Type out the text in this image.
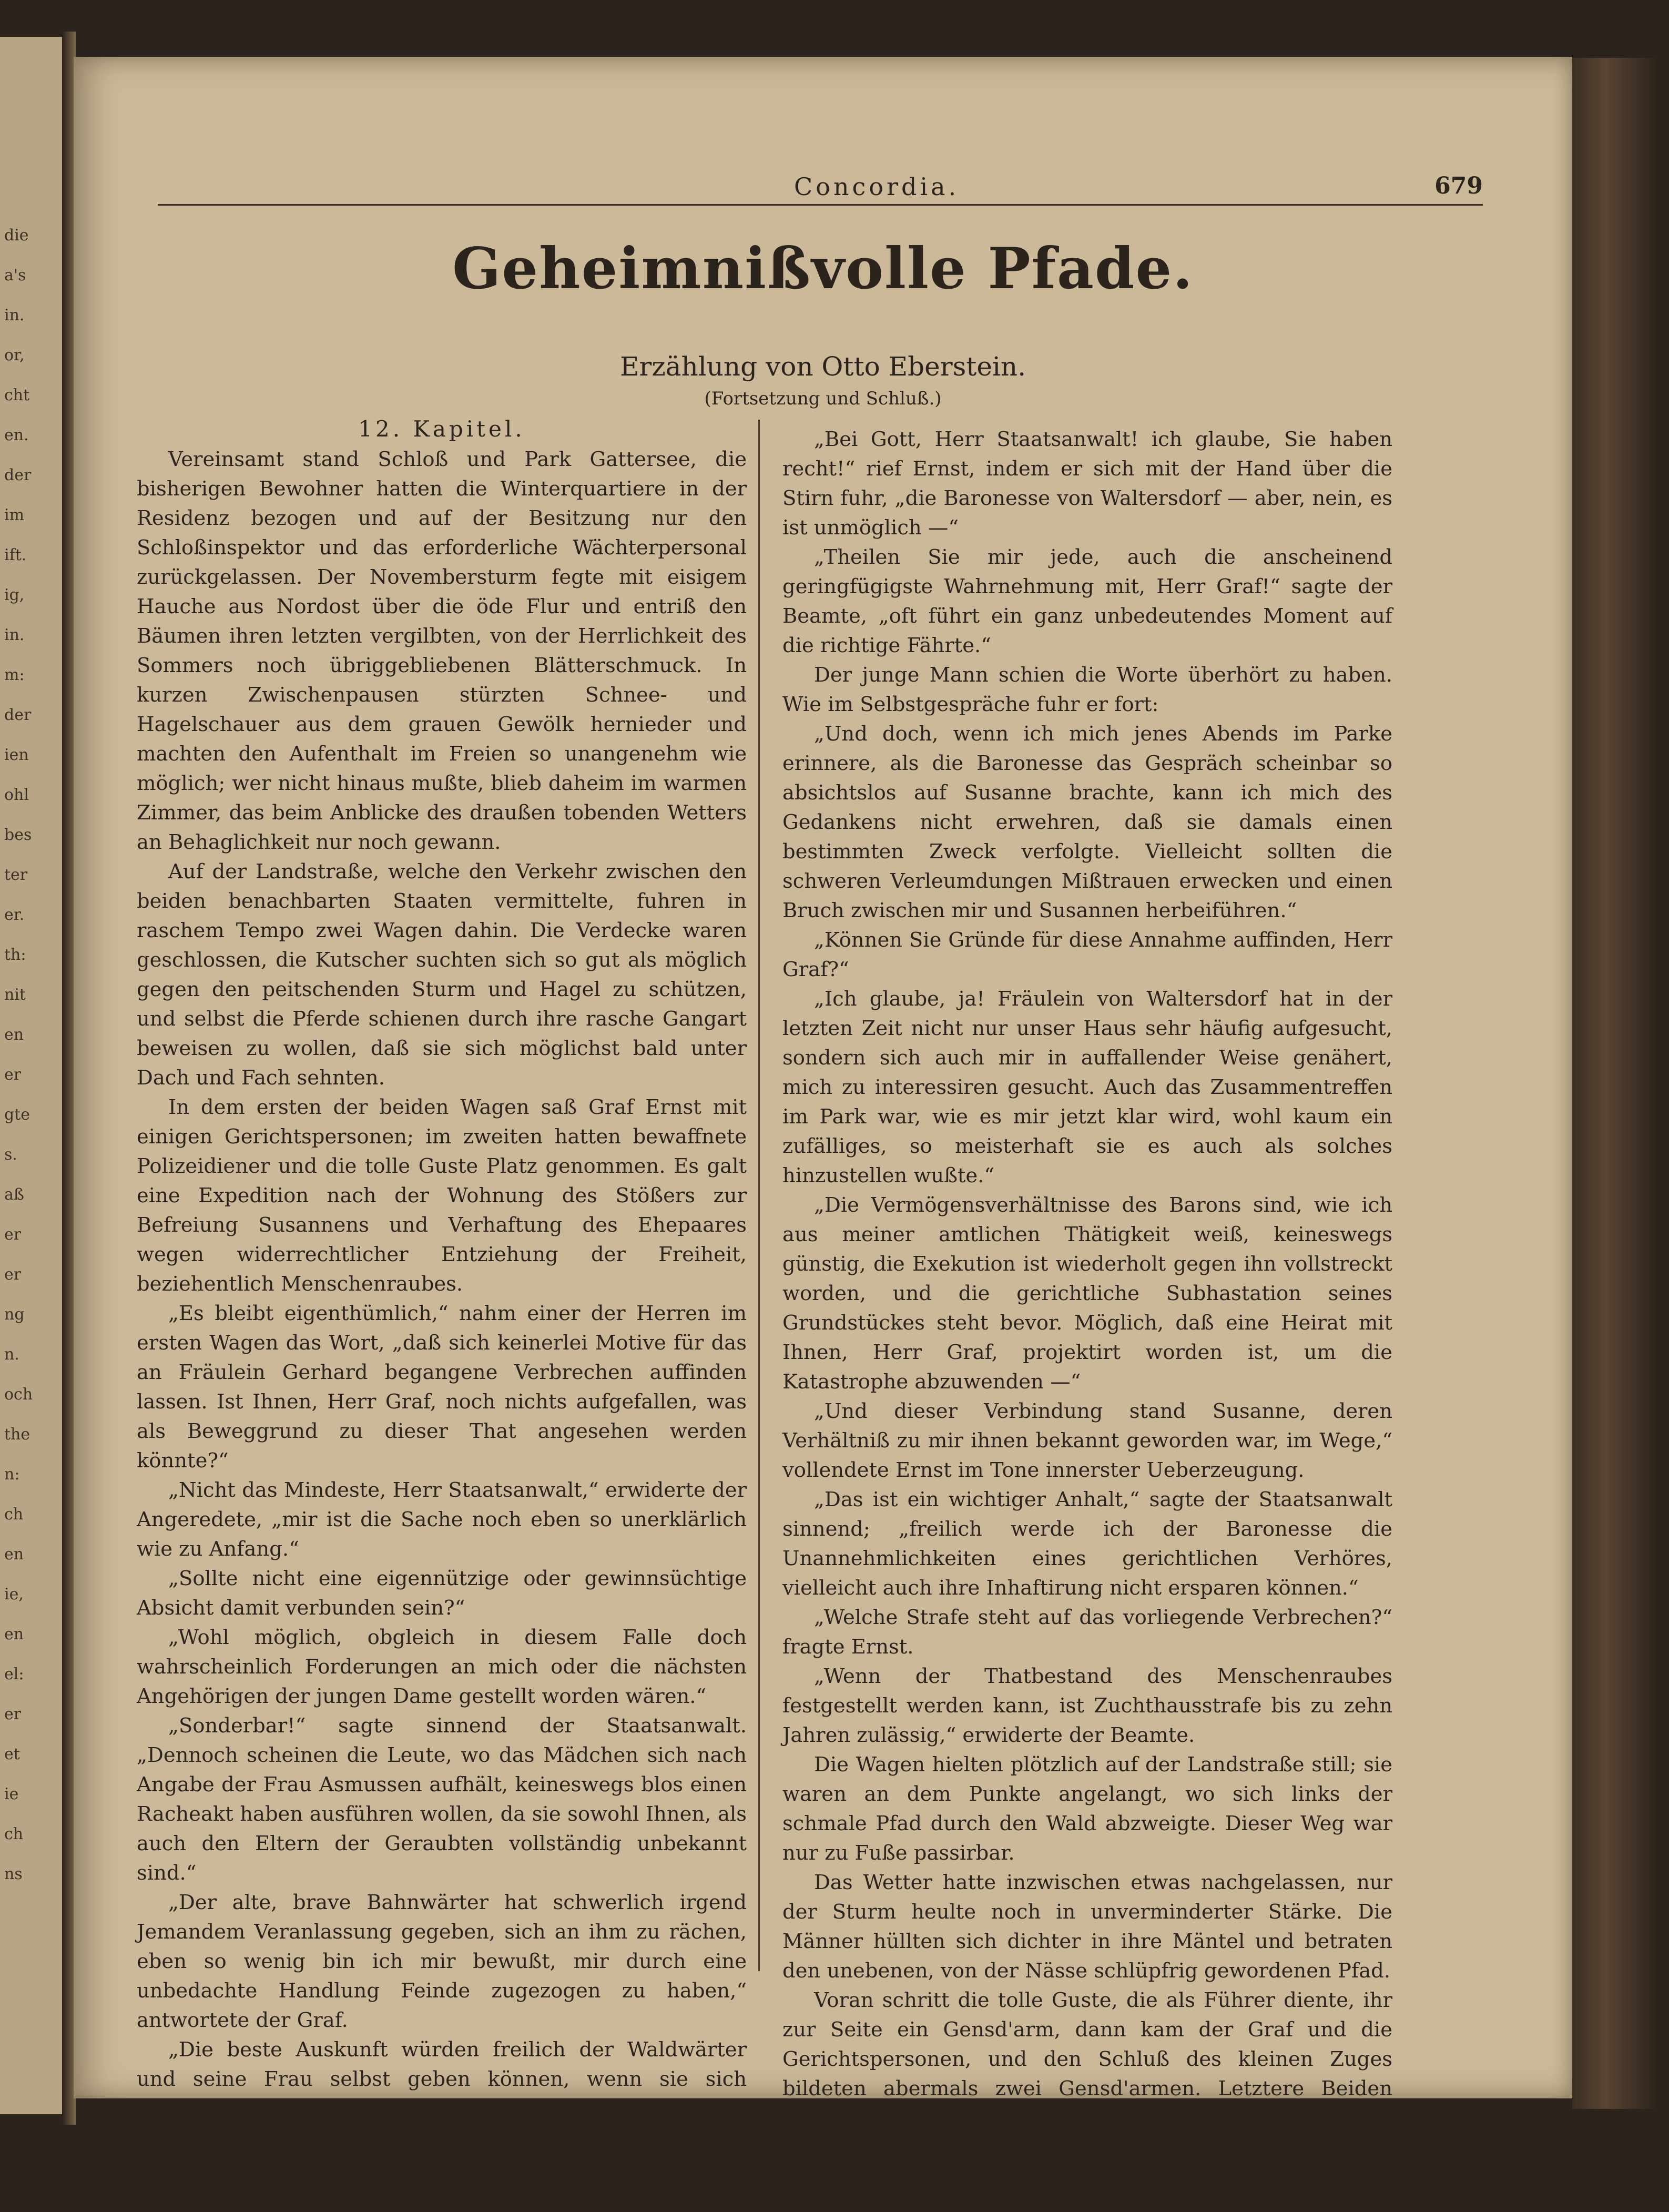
die
a's
in.
or,
cht
en.
der
im
ift.
ig,
in.
m:
der
ien
ohl
bes
ter
er.
th:
nit
en
er
gte
s.
aß
er
er
ng
n.
och
the
n:
ch
en
ie,
en
el:
er
et
ie
ch
ns
Concordia.	679
Geheimnißvolle Pfade.
Erzählung von Otto Eberstein.
(Fortsetzung und Schluß.)
12. Kapitel.

Vereinsamt stand Schloß und Park Gattersee, die bisherigen Bewohner hatten die Winterquartiere in der Residenz bezogen und auf der Besitzung nur den Schloßinspektor und das erforderliche Wächterpersonal zurückgelassen. Der Novembersturm fegte mit eisigem Hauche aus Nordost über die öde Flur und entriß den Bäumen ihren letzten vergilbten, von der Herrlichkeit des Sommers noch übriggebliebenen Blätterschmuck. In kurzen Zwischenpausen stürzten Schnee- und Hagelschauer aus dem grauen Gewölk hernieder und machten den Aufenthalt im Freien so unangenehm wie möglich; wer nicht hinaus mußte, blieb daheim im warmen Zimmer, das beim Anblicke des draußen tobenden Wetters an Behaglichkeit nur noch gewann.

Auf der Landstraße, welche den Verkehr zwischen den beiden benachbarten Staaten vermittelte, fuhren in raschem Tempo zwei Wagen dahin. Die Verdecke waren geschlossen, die Kutscher suchten sich so gut als möglich gegen den peitschenden Sturm und Hagel zu schützen, und selbst die Pferde schienen durch ihre rasche Gangart beweisen zu wollen, daß sie sich möglichst bald unter Dach und Fach sehnten.

In dem ersten der beiden Wagen saß Graf Ernst mit einigen Gerichtspersonen; im zweiten hatten bewaffnete Polizeidiener und die tolle Guste Platz genommen. Es galt eine Expedition nach der Wohnung des Stößers zur Befreiung Susannens und Verhaftung des Ehepaares wegen widerrechtlicher Entziehung der Freiheit, beziehentlich Menschenraubes.

„Es bleibt eigenthümlich,“ nahm einer der Herren im ersten Wagen das Wort, „daß sich keinerlei Motive für das an Fräulein Gerhard begangene Verbrechen auffinden lassen. Ist Ihnen, Herr Graf, noch nichts aufgefallen, was als Beweggrund zu dieser That angesehen werden könnte?“

„Nicht das Mindeste, Herr Staatsanwalt,“ erwiderte der Angeredete, „mir ist die Sache noch eben so unerklärlich wie zu Anfang.“

„Sollte nicht eine eigennützige oder gewinnsüchtige Absicht damit verbunden sein?“

„Wohl möglich, obgleich in diesem Falle doch wahrscheinlich Forderungen an mich oder die nächsten Angehörigen der jungen Dame gestellt worden wären.“

„Sonderbar!“ sagte sinnend der Staatsanwalt. „Dennoch scheinen die Leute, wo das Mädchen sich nach Angabe der Frau Asmussen aufhält, keineswegs blos einen Racheakt haben ausführen wollen, da sie sowohl Ihnen, als auch den Eltern der Geraubten vollständig unbekannt sind.“

„Der alte, brave Bahnwärter hat schwerlich irgend Jemandem Veranlassung gegeben, sich an ihm zu rächen, eben so wenig bin ich mir bewußt, mir durch eine unbedachte Handlung Feinde zugezogen zu haben,“ antwortete der Graf.

„Die beste Auskunft würden freilich der Waldwärter und seine Frau selbst geben können, wenn sie sich überhaupt zu einem Geständniß herbeilassen. Es gewinnt immer mehr den Anschein, als seien sie blos das Werkzeug anderer bei der Sache interessirter Personen, die nach einem bestimmten, wohldurchdachten Plane handeln.“

„Bei Gott, Herr Staatsanwalt! ich glaube, Sie haben recht!“ rief Ernst, indem er sich mit der Hand über die Stirn fuhr, „die Baronesse von Waltersdorf — aber, nein, es ist unmöglich —“

„Theilen Sie mir jede, auch die anscheinend geringfügigste Wahrnehmung mit, Herr Graf!“ sagte der Beamte, „oft führt ein ganz unbedeutendes Moment auf die richtige Fährte.“

Der junge Mann schien die Worte überhört zu haben. Wie im Selbstgespräche fuhr er fort:

„Und doch, wenn ich mich jenes Abends im Parke erinnere, als die Baronesse das Gespräch scheinbar so absichtslos auf Susanne brachte, kann ich mich des Gedankens nicht erwehren, daß sie damals einen bestimmten Zweck verfolgte. Vielleicht sollten die schweren Verleumdungen Mißtrauen erwecken und einen Bruch zwischen mir und Susannen herbeiführen.“

„Können Sie Gründe für diese Annahme auffinden, Herr Graf?“

„Ich glaube, ja! Fräulein von Waltersdorf hat in der letzten Zeit nicht nur unser Haus sehr häufig aufgesucht, sondern sich auch mir in auffallender Weise genähert, mich zu interessiren gesucht. Auch das Zusammentreffen im Park war, wie es mir jetzt klar wird, wohl kaum ein zufälliges, so meisterhaft sie es auch als solches hinzustellen wußte.“

„Die Vermögensverhältnisse des Barons sind, wie ich aus meiner amtlichen Thätigkeit weiß, keineswegs günstig, die Exekution ist wiederholt gegen ihn vollstreckt worden, und die gerichtliche Subhastation seines Grundstückes steht bevor. Möglich, daß eine Heirat mit Ihnen, Herr Graf, projektirt worden ist, um die Katastrophe abzuwenden —“

„Und dieser Verbindung stand Susanne, deren Verhältniß zu mir ihnen bekannt geworden war, im Wege,“ vollendete Ernst im Tone innerster Ueberzeugung.

„Das ist ein wichtiger Anhalt,“ sagte der Staatsanwalt sinnend; „freilich werde ich der Baronesse die Unannehmlichkeiten eines gerichtlichen Verhöres, vielleicht auch ihre Inhaftirung nicht ersparen können.“

„Welche Strafe steht auf das vorliegende Verbrechen?“ fragte Ernst.

„Wenn der Thatbestand des Menschenraubes festgestellt werden kann, ist Zuchthausstrafe bis zu zehn Jahren zulässig,“ erwiderte der Beamte.

Die Wagen hielten plötzlich auf der Landstraße still; sie waren an dem Punkte angelangt, wo sich links der schmale Pfad durch den Wald abzweigte. Dieser Weg war nur zu Fuße passirbar.

Das Wetter hatte inzwischen etwas nachgelassen, nur der Sturm heulte noch in unverminderter Stärke. Die Männer hüllten sich dichter in ihre Mäntel und betraten den unebenen, von der Nässe schlüpfrig gewordenen Pfad.

Voran schritt die tolle Guste, die als Führer diente, ihr zur Seite ein Gensd'arm, dann kam der Graf und die Gerichtspersonen, und den Schluß des kleinen Zuges bildeten abermals zwei Gensd'armen. Letztere Beiden waren, da die
